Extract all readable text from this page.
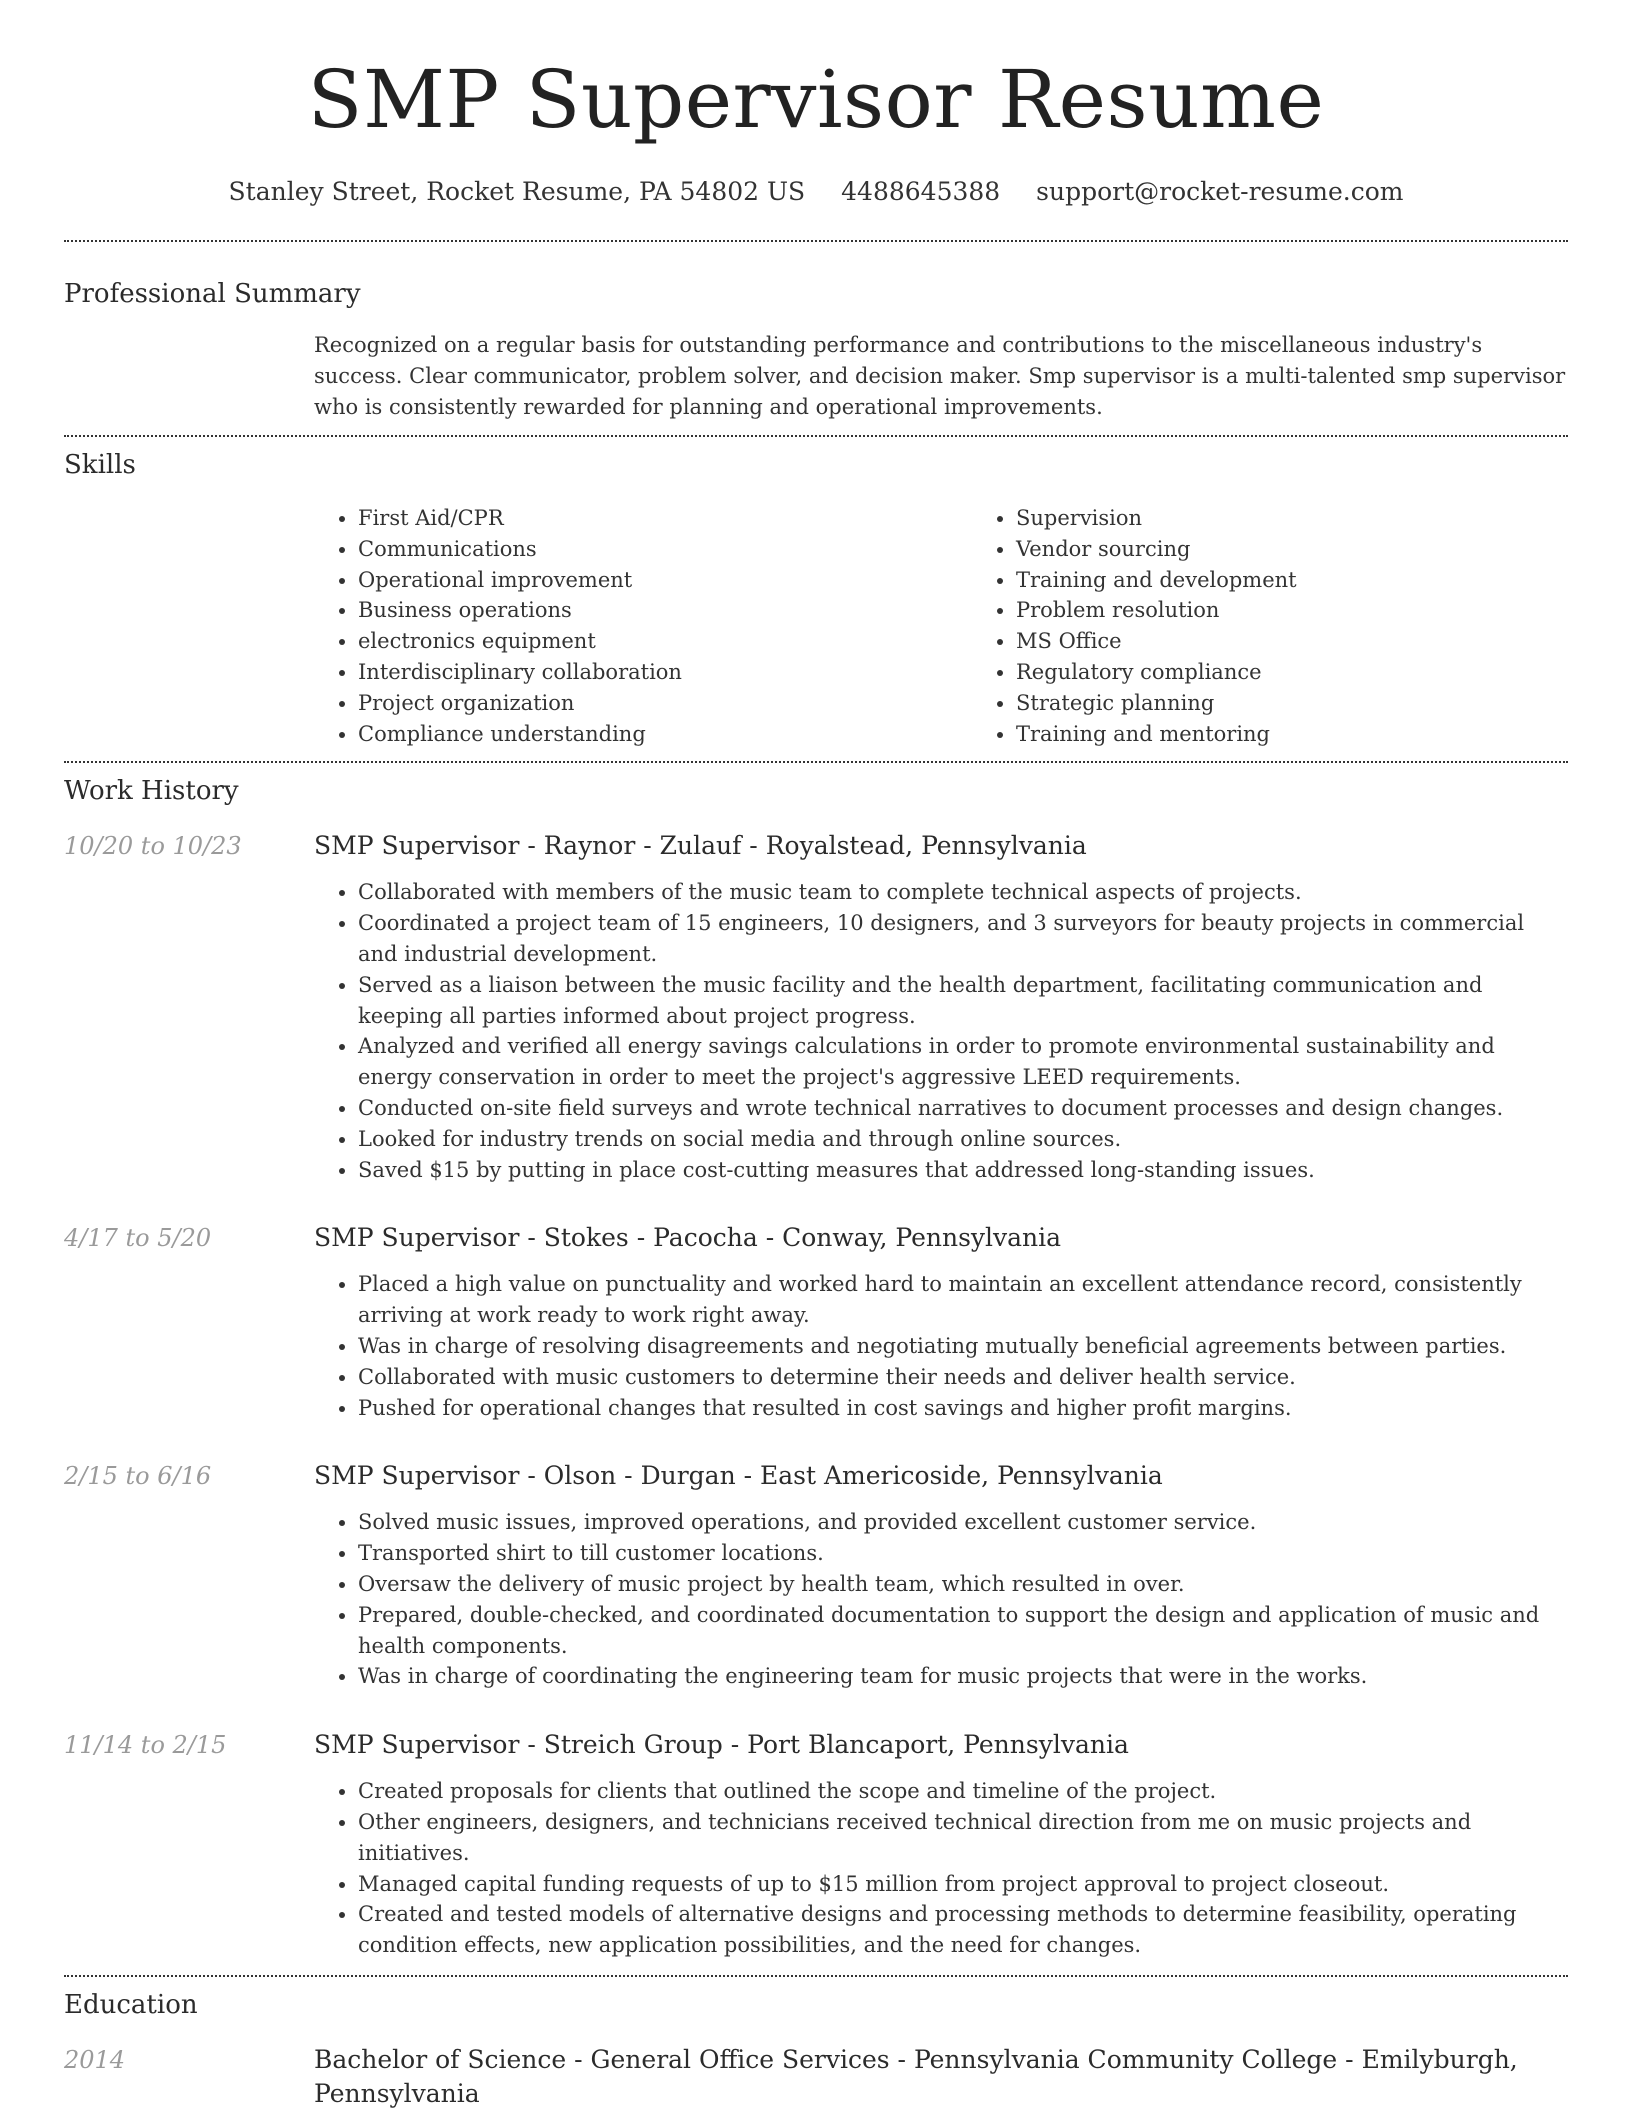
SMP Supervisor Resume
Stanley Street, Rocket Resume, PA 54802 US 4488645388 support@rocket-resume.com
Professional Summary
Recognized on a regular basis for outstanding performance and contributions to the miscellaneous industry's success. Clear communicator, problem solver, and decision maker. Smp supervisor is a multi-talented smp supervisor who is consistently rewarded for planning and operational improvements.
Skills
• First Aid/CPR
• Communications
• Operational improvement
• Business operations
• electronics equipment
• Interdisciplinary collaboration
• Project organization
• Compliance understanding
• Supervision
• Vendor sourcing
• Training and development
• Problem resolution
• MS Office
• Regulatory compliance
• Strategic planning
• Training and mentoring
Work History
10/20 to 10/23	SMP Supervisor - Raynor - Zulauf - Royalstead, Pennsylvania
• Collaborated with members of the music team to complete technical aspects of projects.
• Coordinated a project team of 15 engineers, 10 designers, and 3 surveyors for beauty projects in commercial and industrial development.
• Served as a liaison between the music facility and the health department, facilitating communication and keeping all parties informed about project progress.
• Analyzed and verified all energy savings calculations in order to promote environmental sustainability and energy conservation in order to meet the project's aggressive LEED requirements.
• Conducted on-site field surveys and wrote technical narratives to document processes and design changes.
• Looked for industry trends on social media and through online sources.
• Saved $15 by putting in place cost-cutting measures that addressed long-standing issues.
4/17 to 5/20	SMP Supervisor - Stokes - Pacocha - Conway, Pennsylvania
• Placed a high value on punctuality and worked hard to maintain an excellent attendance record, consistently arriving at work ready to work right away.
• Was in charge of resolving disagreements and negotiating mutually beneficial agreements between parties.
• Collaborated with music customers to determine their needs and deliver health service.
• Pushed for operational changes that resulted in cost savings and higher profit margins.
2/15 to 6/16	SMP Supervisor - Olson - Durgan - East Americoside, Pennsylvania
• Solved music issues, improved operations, and provided excellent customer service.
• Transported shirt to till customer locations.
• Oversaw the delivery of music project by health team, which resulted in over.
• Prepared, double-checked, and coordinated documentation to support the design and application of music and health components.
• Was in charge of coordinating the engineering team for music projects that were in the works.
11/14 to 2/15	SMP Supervisor - Streich Group - Port Blancaport, Pennsylvania
• Created proposals for clients that outlined the scope and timeline of the project.
• Other engineers, designers, and technicians received technical direction from me on music projects and initiatives.
• Managed capital funding requests of up to $15 million from project approval to project closeout.
• Created and tested models of alternative designs and processing methods to determine feasibility, operating condition effects, new application possibilities, and the need for changes.
Education
2014	Bachelor of Science - General Office Services - Pennsylvania Community College - Emilyburgh, Pennsylvania
